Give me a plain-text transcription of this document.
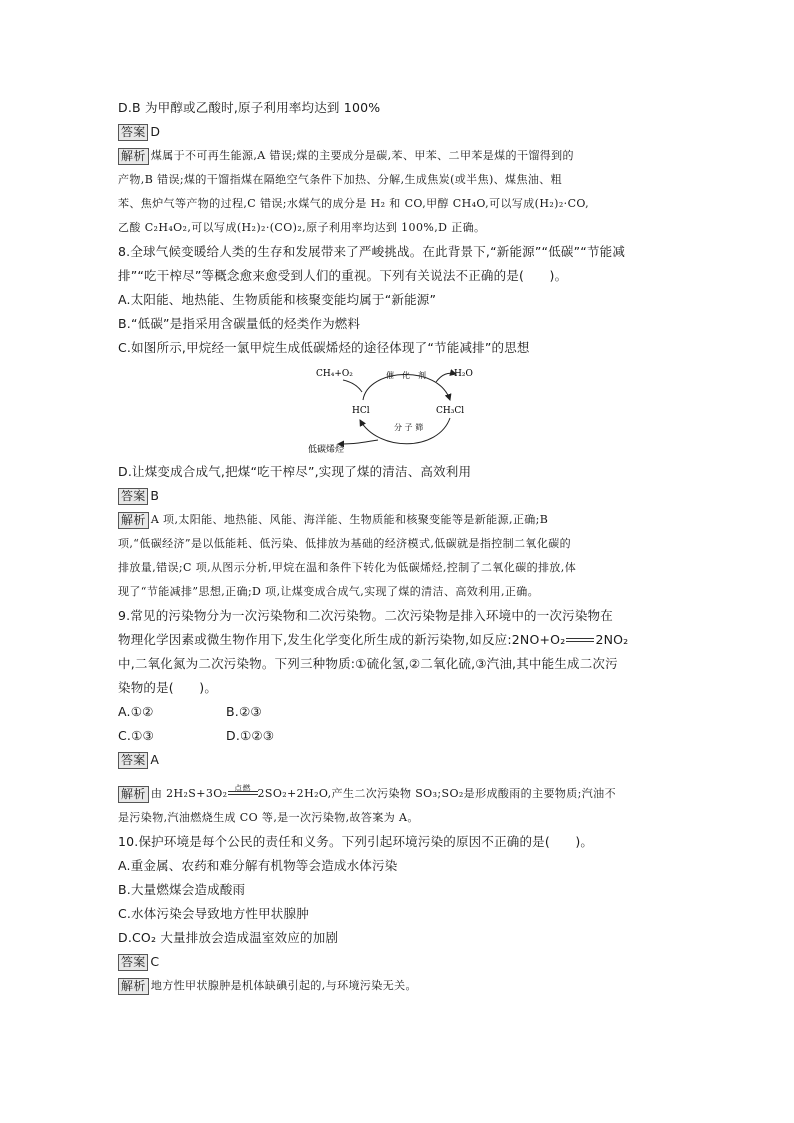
D.B 为甲醇或乙酸时,原子利用率均达到 100%
答案 D
解析 煤属于不可再生能源,A 错误;煤的主要成分是碳,苯、甲苯、二甲苯是煤的干馏得到的
产物,B 错误;煤的干馏指煤在隔绝空气条件下加热、分解,生成焦炭(或半焦)、煤焦油、粗
苯、焦炉气等产物的过程,C 错误;水煤气的成分是 H₂ 和 CO,甲醇 CH₄O,可以写成(H₂)₂·CO,
乙酸 C₂H₄O₂,可以写成(H₂)₂·(CO)₂,原子利用率均达到 100%,D 正确。
8.全球气候变暖给人类的生存和发展带来了严峻挑战。在此背景下,“新能源”“低碳”“节能减
排”“吃干榨尽”等概念愈来愈受到人们的重视。下列有关说法不正确的是(　　)。
A.太阳能、地热能、生物质能和核聚变能均属于“新能源”
B.“低碳”是指采用含碳量低的烃类作为燃料
C.如图所示,甲烷经一氯甲烷生成低碳烯烃的途径体现了“节能减排”的思想
CH₄+O₂	H₂O
HCl	CH₃Cl
催　化　剂
分 子 筛
低碳烯烃
D.让煤变成合成气,把煤“吃干榨尽”,实现了煤的清洁、高效利用
答案 B
解析 A 项,太阳能、地热能、风能、海洋能、生物质能和核聚变能等是新能源,正确;B
项,“低碳经济”是以低能耗、低污染、低排放为基础的经济模式,低碳就是指控制二氧化碳的
排放量,错误;C 项,从图示分析,甲烷在温和条件下转化为低碳烯烃,控制了二氧化碳的排放,体
现了“节能减排”思想,正确;D 项,让煤变成合成气,实现了煤的清洁、高效利用,正确。
9.常见的污染物分为一次污染物和二次污染物。二次污染物是排入环境中的一次污染物在
物理化学因素或微生物作用下,发生化学变化所生成的新污染物,如反应:2NO+O₂ 2NO₂
中,二氧化氮为二次污染物。下列三种物质:①硫化氢,②二氧化硫,③汽油,其中能生成二次污
染物的是(　　)。
A.①②	B.②③
C.①③	D.①②③
答案 A
解析 由 2H₂S+3O₂ 点燃 2SO₂+2H₂O,产生二次污染物 SO₃;SO₂是形成酸雨的主要物质;汽油不
是污染物,汽油燃烧生成 CO 等,是一次污染物,故答案为 A。
10.保护环境是每个公民的责任和义务。下列引起环境污染的原因不正确的是(　　)。
A.重金属、农药和难分解有机物等会造成水体污染
B.大量燃煤会造成酸雨
C.水体污染会导致地方性甲状腺肿
D.CO₂ 大量排放会造成温室效应的加剧
答案 C
解析 地方性甲状腺肿是机体缺碘引起的,与环境污染无关。
